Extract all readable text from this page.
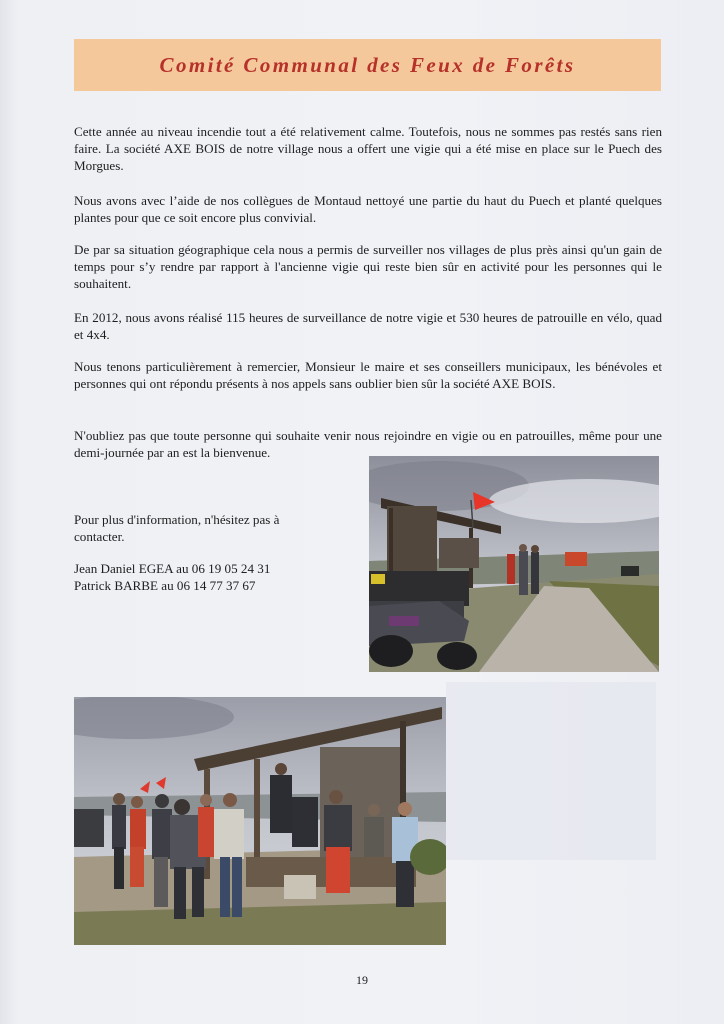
Comité Communal des Feux de Forêts

Cette année au niveau incendie tout a été relativement calme. Toutefois, nous ne sommes pas restés sans rien faire. La société AXE BOIS de notre village nous a offert une vigie qui a été mise en place sur le Puech des Morgues.

Nous avons avec l’aide de nos collègues de Montaud nettoyé une partie du haut du Puech et planté quelques plantes pour que ce soit encore plus convivial.

De par sa situation géographique cela nous a permis de surveiller nos villages de plus près ainsi qu'un gain de temps pour s’y rendre par rapport à l'ancienne vigie qui reste bien sûr en activité pour les personnes qui le souhaitent.

En 2012, nous avons réalisé 115 heures de surveillance de notre vigie et 530 heures de patrouille en vélo, quad et 4x4.

Nous tenons particulièrement à remercier, Monsieur le maire et ses conseillers municipaux, les bénévoles et personnes qui ont répondu présents à nos appels sans oublier bien sûr la société AXE BOIS.

N'oubliez pas que toute personne qui souhaite venir nous rejoindre en vigie ou en patrouilles, même pour une demi-journée par an est la bienvenue.

Pour plus d'information, n'hésitez pas à contacter.

Jean Daniel EGEA au 06 19 05 24 31

Patrick BARBE au 06 14 77 37 67

19
